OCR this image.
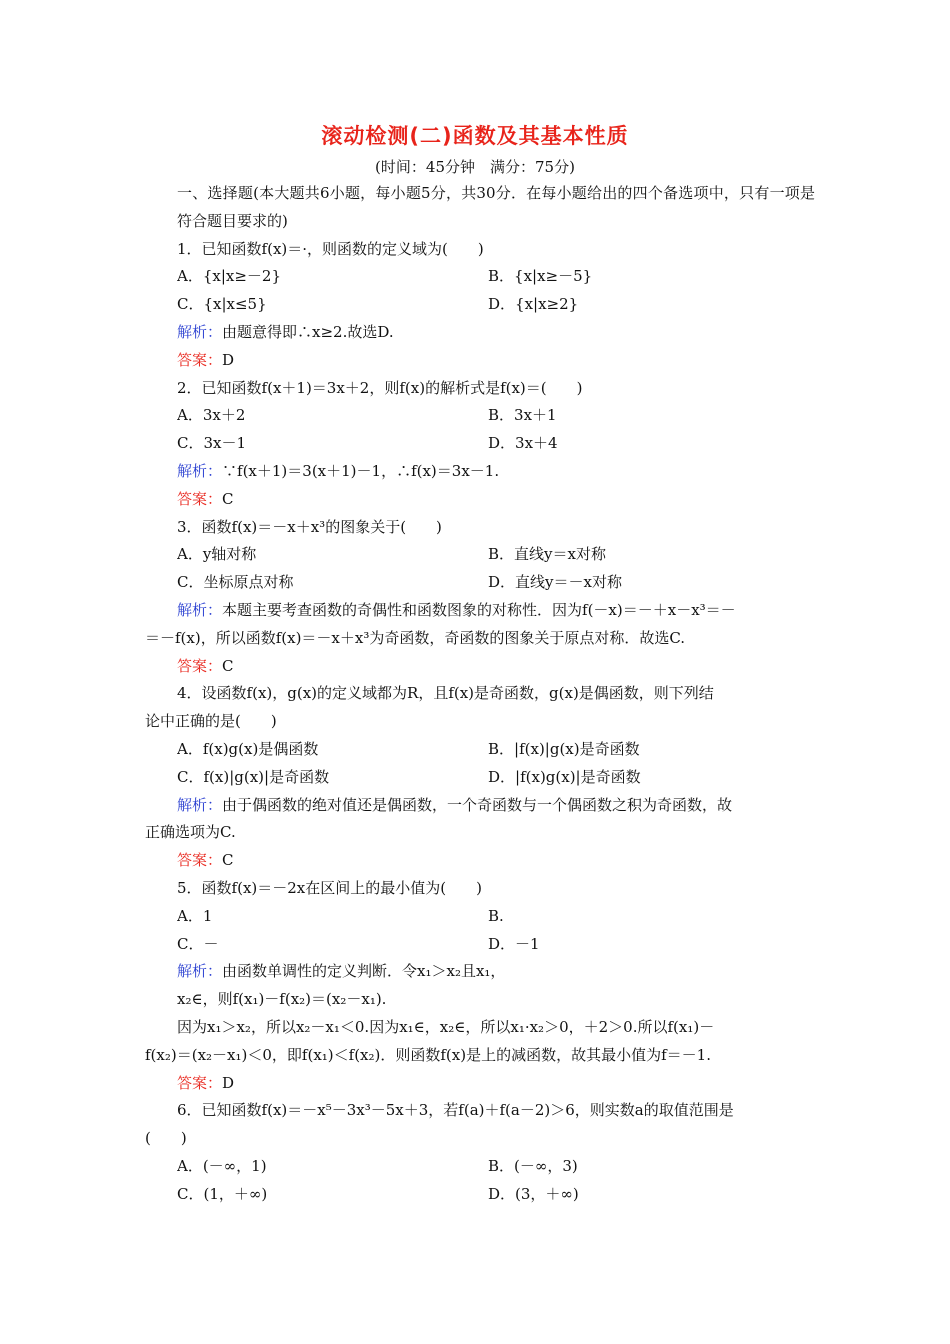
滚动检测(二)函数及其基本性质
(时间：45分钟　满分：75分)
一、选择题(本大题共6小题，每小题5分，共30分．在每小题给出的四个备选项中，只有一项是符合题目要求的)
1．已知函数f(x)＝·，则函数的定义域为(　　)
A．{x|x≥－2}	B．{x|x≥－5}
C．{x|x≤5}	D．{x|x≥2}
解析：由题意得即∴x≥2.故选D.
答案：D
2．已知函数f(x＋1)＝3x＋2，则f(x)的解析式是f(x)＝(　　)
A．3x＋2	B．3x＋1
C．3x－1	D．3x＋4
解析：∵f(x＋1)＝3(x＋1)－1，∴f(x)＝3x－1.
答案：C
3．函数f(x)＝－x＋x³的图象关于(　　)
A．y轴对称	B．直线y＝x对称
C．坐标原点对称	D．直线y＝－x对称
解析：本题主要考查函数的奇偶性和函数图象的对称性．因为f(－x)＝－＋x－x³＝－
＝－f(x)，所以函数f(x)＝－x＋x³为奇函数，奇函数的图象关于原点对称．故选C.
答案：C
4．设函数f(x)，g(x)的定义域都为R，且f(x)是奇函数，g(x)是偶函数，则下列结
论中正确的是(　　)
A．f(x)g(x)是偶函数	B．|f(x)|g(x)是奇函数
C．f(x)|g(x)|是奇函数	D．|f(x)g(x)|是奇函数
解析：由于偶函数的绝对值还是偶函数，一个奇函数与一个偶函数之积为奇函数，故
正确选项为C.
答案：C
5．函数f(x)＝－2x在区间上的最小值为(　　)
A．1	B.
C．－	D．－1
解析：由函数单调性的定义判断．令x₁＞x₂且x₁，
x₂∈，则f(x₁)－f(x₂)＝(x₂－x₁).
因为x₁＞x₂，所以x₂－x₁＜0.因为x₁∈，x₂∈，所以x₁·x₂＞0，＋2＞0.所以f(x₁)－
f(x₂)＝(x₂－x₁)＜0，即f(x₁)＜f(x₂)．则函数f(x)是上的减函数，故其最小值为f＝－1.
答案：D
6．已知函数f(x)＝－x⁵－3x³－5x＋3，若f(a)＋f(a－2)＞6，则实数a的取值范围是
(　　)
A．(－∞，1)	B．(－∞，3)
C．(1，＋∞)	D．(3，＋∞)
